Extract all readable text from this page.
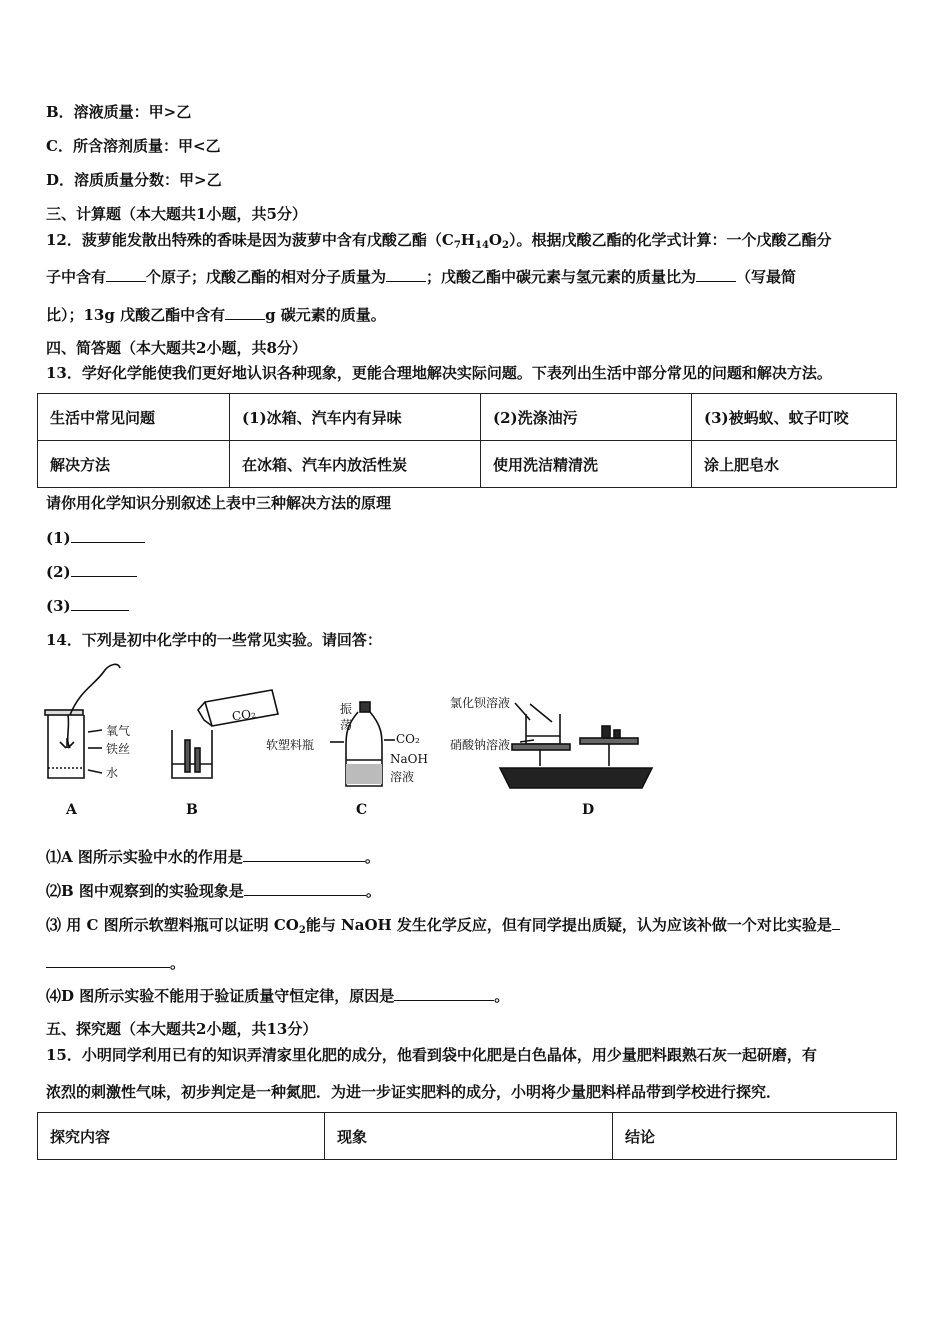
B．溶液质量：甲>乙
C．所含溶剂质量：甲<乙
D．溶质质量分数：甲>乙
三、计算题（本大题共1小题，共5分）
12．菠萝能发散出特殊的香味是因为菠萝中含有戊酸乙酯$(C_7H_{14}O_2)$。根据戊酸乙酯的化学式计算：一个戊酸乙酯分
子中含有	个原子；戊酸乙酯的相对分子质量为	；戊酸乙酯中碳元素与氢元素的质量比为	（写最简
比）；13g 戊酸乙酯中含有	g 碳元素的质量。
四、简答题（本大题共2小题，共8分）
13．学好化学能使我们更好地认识各种现象，更能合理地解决实际问题。下表列出生活中部分常见的问题和解决方法。
生活中常见问题	(1)冰箱、汽车内有异味	(2)洗涤油污	(3)被蚂蚁、蚊子叮咬
解决方法	在冰箱、汽车内放活性炭	使用洗洁精清洗	涂上肥皂水
请你用化学知识分别叙述上表中三种解决方法的原理
(1)
(2)
(3)
14．下列是初中化学中的一些常见实验。请回答：
氧气
铁丝
水
A
CO₂
B
振
荡
软塑料瓶	CO₂
NaOH
溶液
C
氯化钡溶液
硝酸钠溶液
D
⑴A 图所示实验中水的作用是	。
⑵B 图中观察到的实验现象是	。
⑶ 用 C 图所示软塑料瓶可以证明 $CO_2$能与 NaOH 发生化学反应，但有同学提出质疑，认为应该补做一个对比实验是
。
⑷D 图所示实验不能用于验证质量守恒定律，原因是	。
五、探究题（本大题共2小题，共13分）
15．小明同学利用已有的知识弄清家里化肥的成分，他看到袋中化肥是白色晶体，用少量肥料跟熟石灰一起研磨，有
浓烈的刺激性气味，初步判定是一种氮肥．为进一步证实肥料的成分，小明将少量肥料样品带到学校进行探究．
探究内容	现象	结论
